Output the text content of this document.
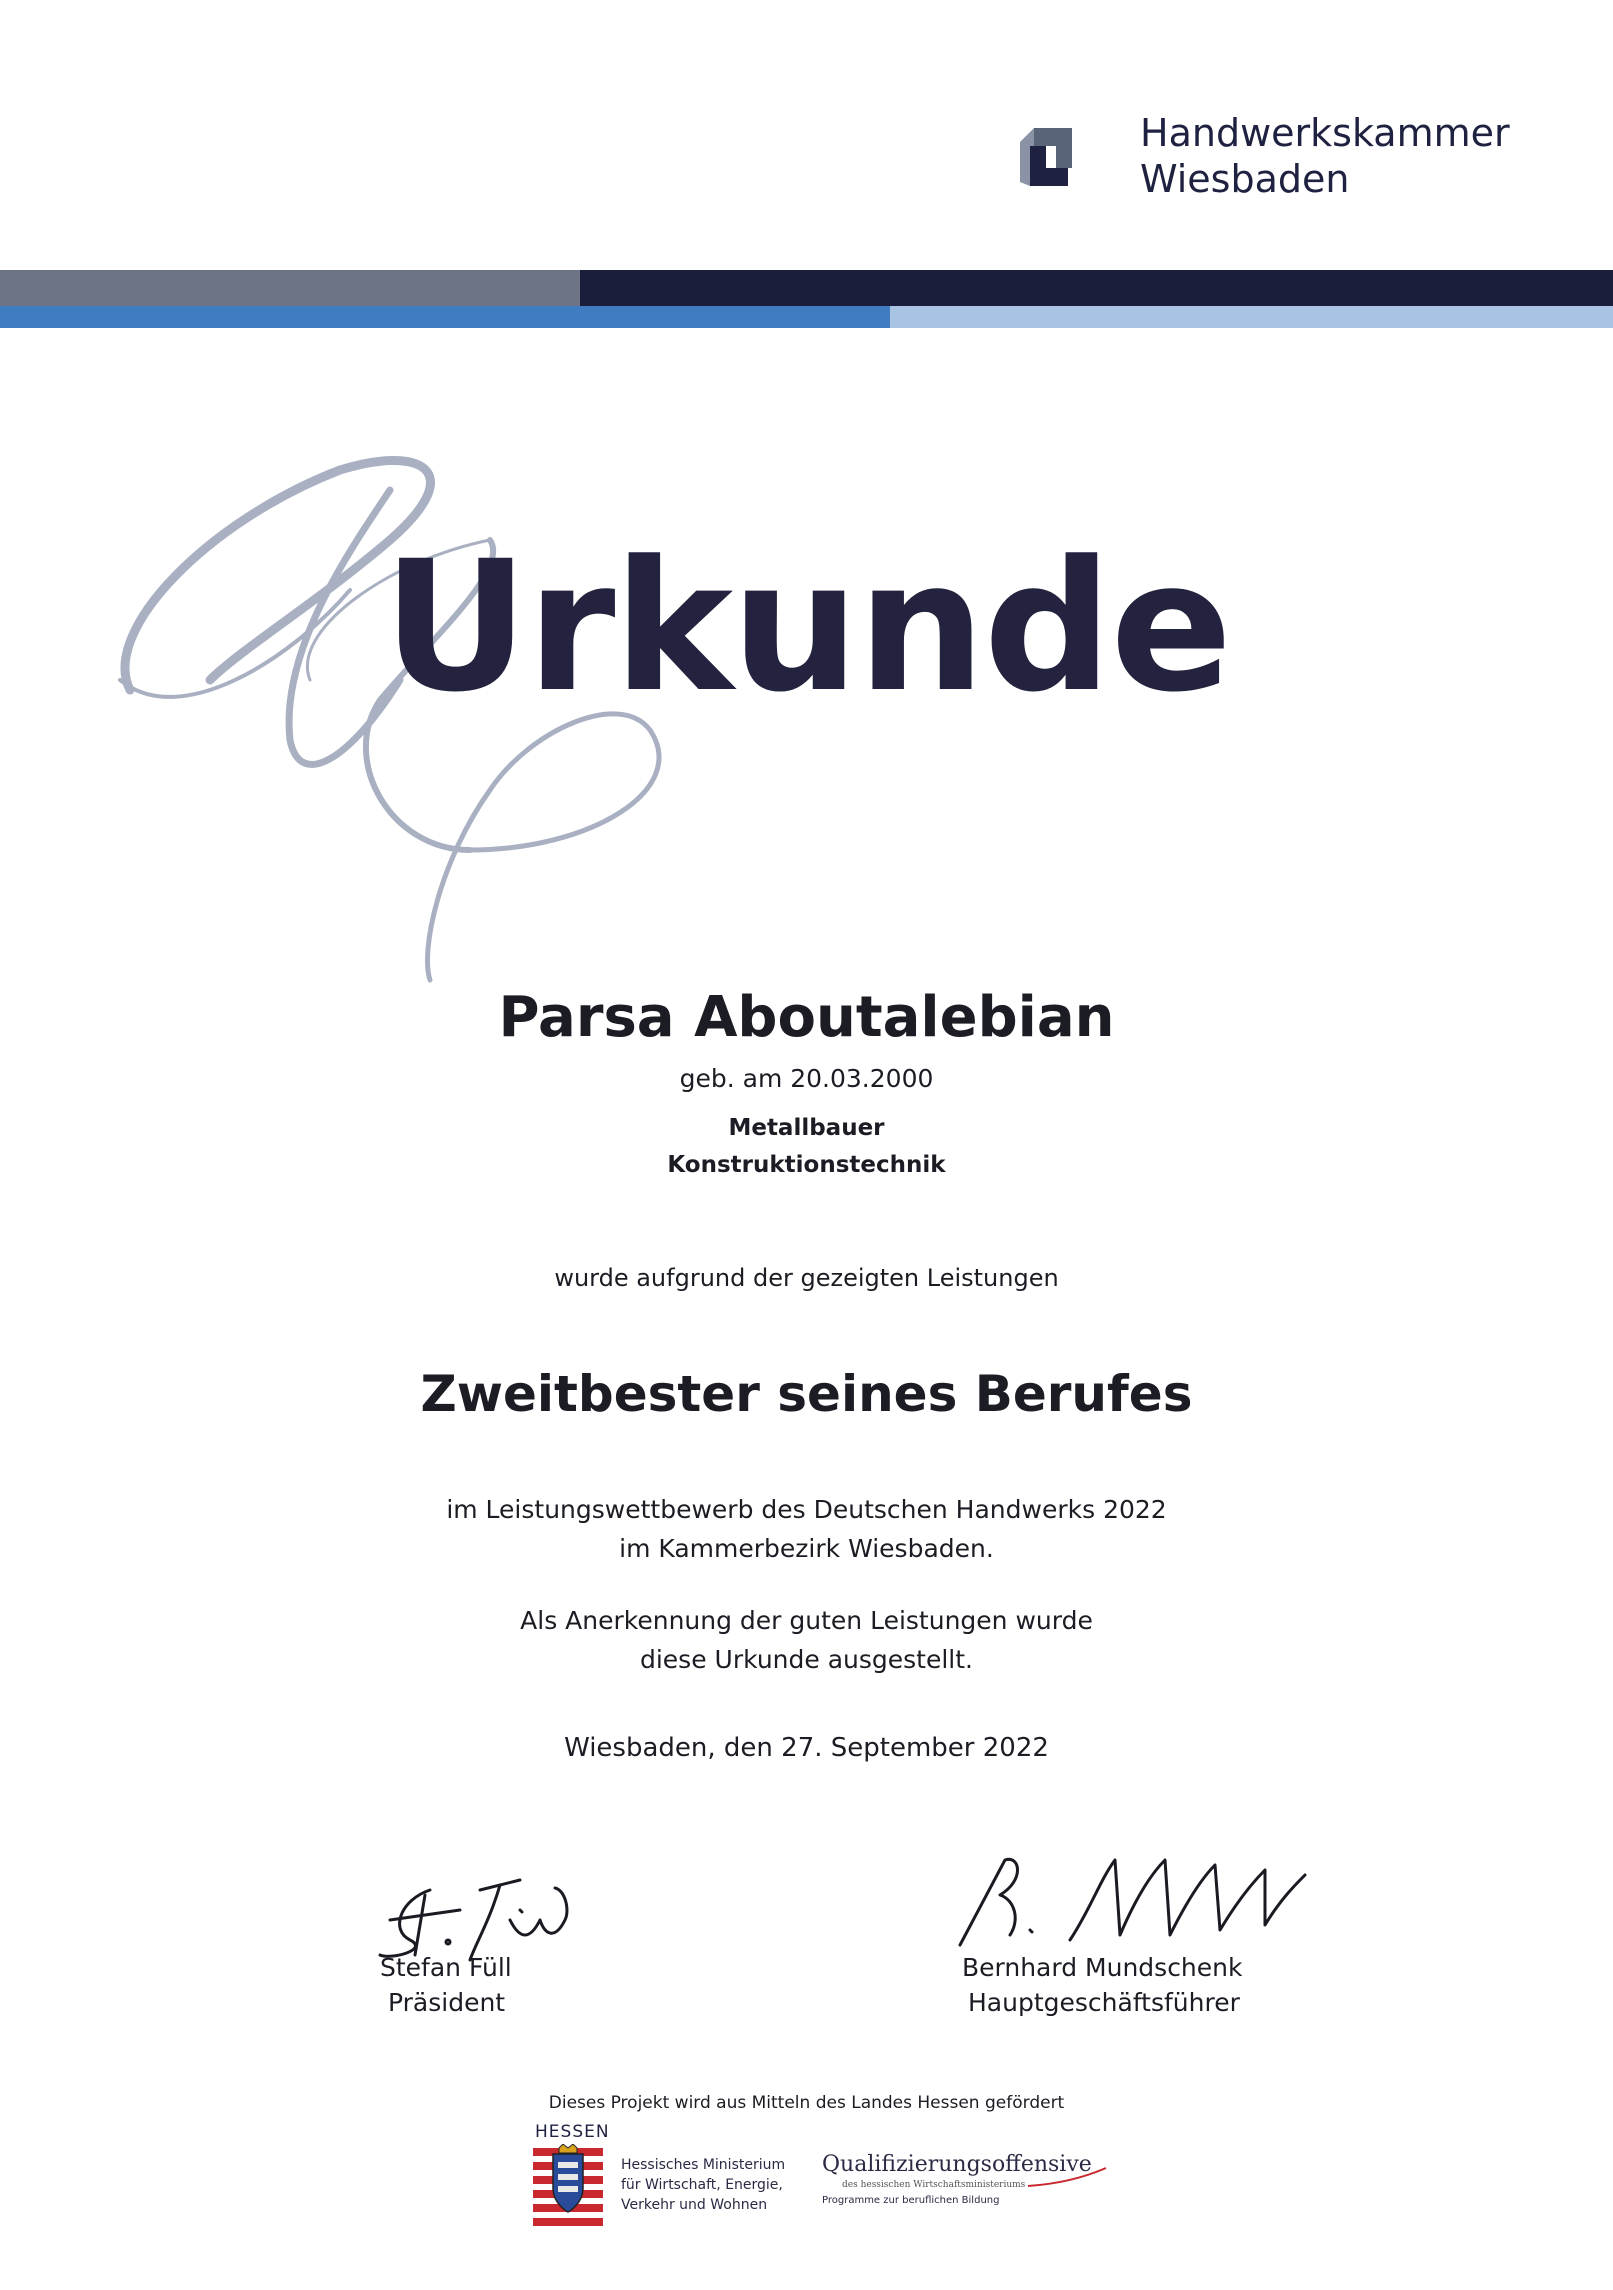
Handwerkskammer
Wiesbaden
Urkunde
Parsa Aboutalebian
geb. am 20.03.2000
Metallbauer
Konstruktionstechnik
wurde aufgrund der gezeigten Leistungen
Zweitbester seines Berufes
im Leistungswettbewerb des Deutschen Handwerks 2022
im Kammerbezirk Wiesbaden.
Als Anerkennung der guten Leistungen wurde
diese Urkunde ausgestellt.
Wiesbaden, den 27. September 2022
Stefan Füll
Präsident
Bernhard Mundschenk
Hauptgeschäftsführer
Dieses Projekt wird aus Mitteln des Landes Hessen gefördert
HESSEN
Hessisches Ministerium
für Wirtschaft, Energie,
Verkehr und Wohnen
Qualifizierungsoffensive
des hessischen Wirtschaftsministeriums
Programme zur beruflichen Bildung
